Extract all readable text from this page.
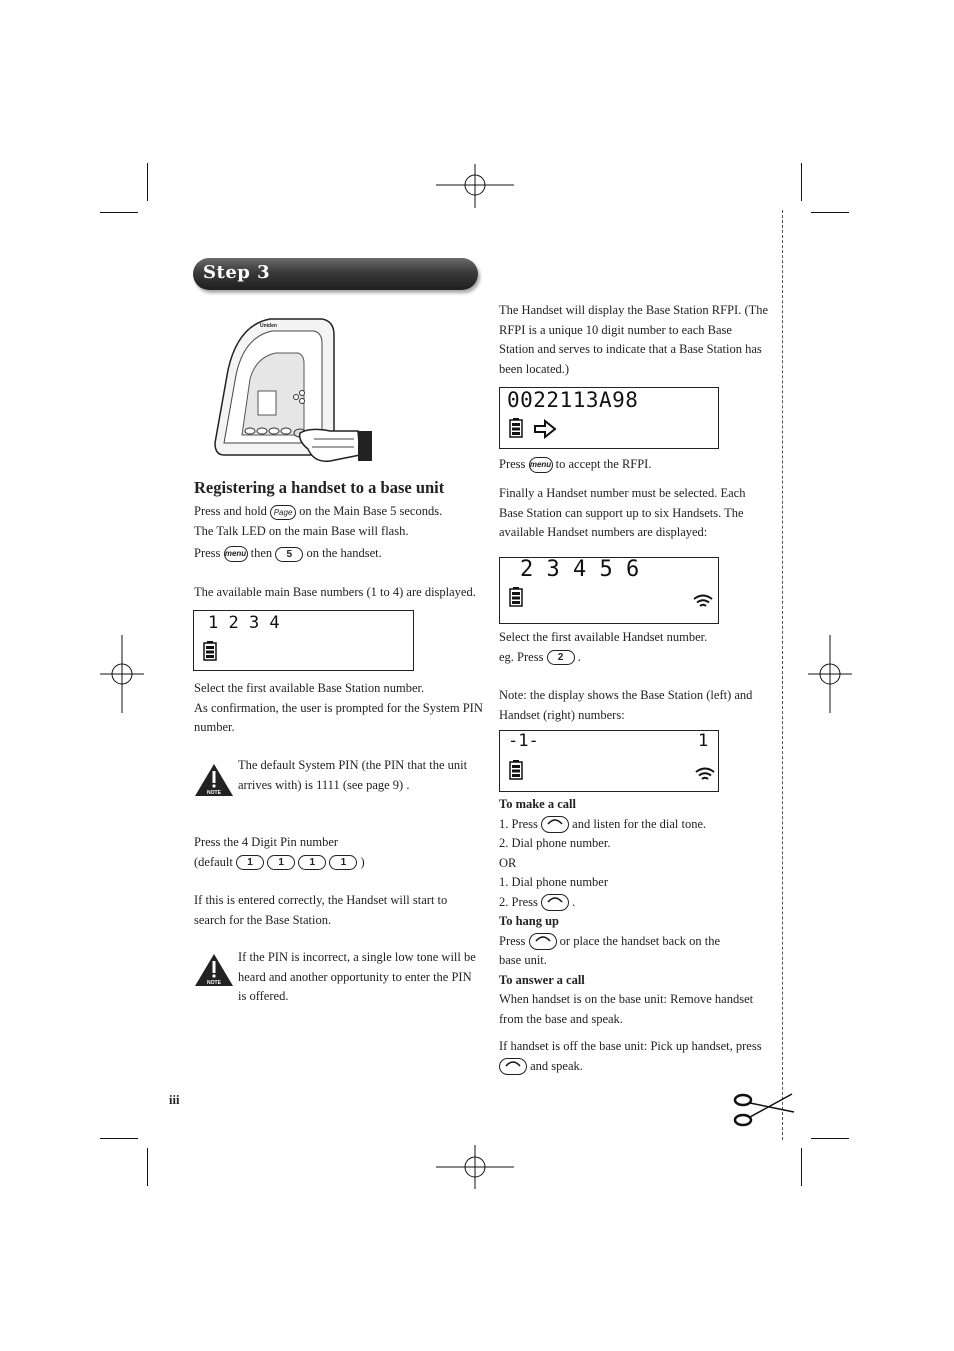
Step 3
Uniden
Registering a handset to a base unit
Press and hold Page on the Main Base 5 seconds.
The Talk LED on the main Base will flash.
Press menu then 5 on the handset.
The available main Base numbers (1 to 4) are displayed.
1 2 3 4
Select the first available Base Station number.
As confirmation, the user is prompted for the System PIN number.
NOTE
The default System PIN (the PIN that the unit arrives with) is 1111 (see page 9) .
Press the 4 Digit Pin number
(default 1	1	1	1 )
If this is entered correctly, the Handset will start to search for the Base Station.
NOTE
If the PIN is incorrect, a single low tone will be heard and another opportunity to enter the PIN is offered.
iii
The Handset will display the Base Station RFPI. (The RFPI is a unique 10 digit number to each Base Station and serves to indicate that a Base Station has been located.)
0022113A98
Press menu to accept the RFPI.
Finally a Handset number must be selected. Each Base Station can support up to six Handsets. The available Handset numbers are displayed:
2 3 4 5 6
Select the first available Handset number.
eg. Press 2 .
Note: the display shows the Base Station (left) and Handset (right) numbers:
-1-	1
To make a call
1. Press	and listen for the dial tone.
2. Dial phone number.
OR
1. Dial phone number
2. Press	.
To hang up
Press	or place the handset back on the
base unit.
To answer a call
When handset is on the base unit: Remove handset from the base and speak.
If handset is off the base unit: Pick up handset, press
and speak.
